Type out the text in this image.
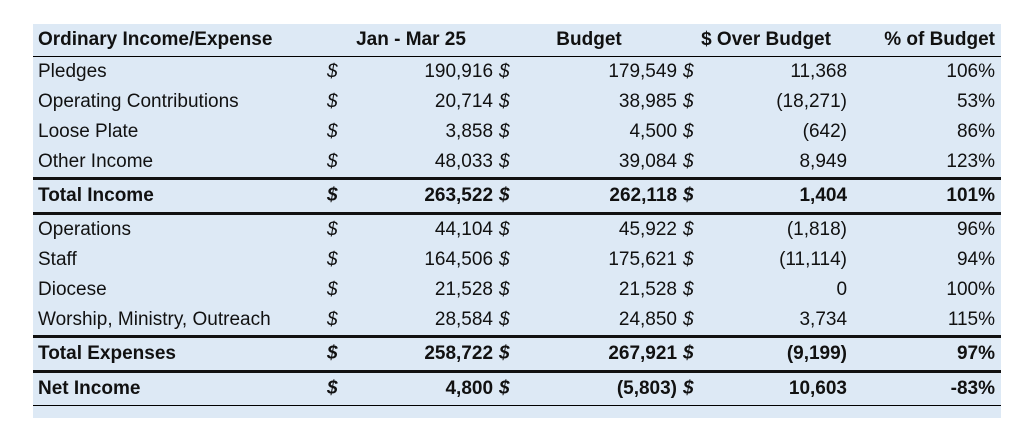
Ordinary Income/Expense	Jan - Mar 25		Budget		$ Over Budget		% of Budget
Pledges	$	190,916	$	179,549	$	11,368	106%
Operating Contributions	$	20,714	$	38,985	$	(18,271)	53%
Loose Plate	$	3,858	$	4,500	$	(642)	86%
Other Income	$	48,033	$	39,084	$	8,949	123%
Total Income	$	263,522	$	262,118	$	1,404	101%
Operations	$	44,104	$	45,922	$	(1,818)	96%
Staff	$	164,506	$	175,621	$	(11,114)	94%
Diocese	$	21,528	$	21,528	$	0	100%
Worship, Ministry, Outreach	$	28,584	$	24,850	$	3,734	115%
Total Expenses	$	258,722	$	267,921	$	(9,199)	97%
Net Income	$	4,800	$	(5,803)	$	10,603	-83%
